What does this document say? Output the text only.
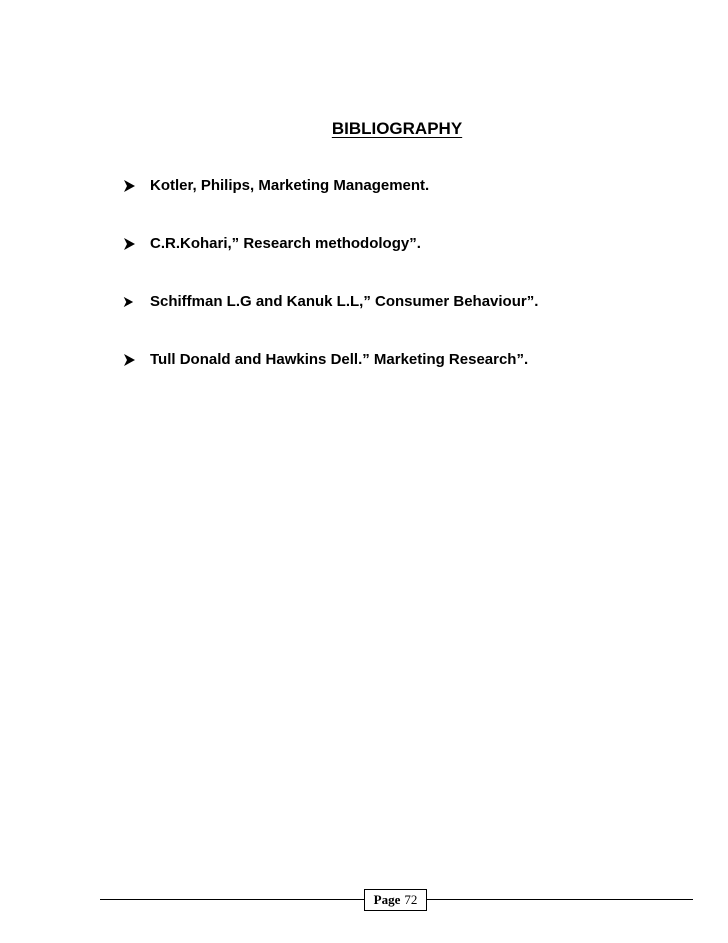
BIBLIOGRAPHY
Kotler, Philips, Marketing Management.
C.R.Kohari,” Research methodology”.
Schiffman L.G and Kanuk L.L,” Consumer Behaviour”.
Tull Donald and Hawkins Dell.” Marketing Research”.
Page 72
